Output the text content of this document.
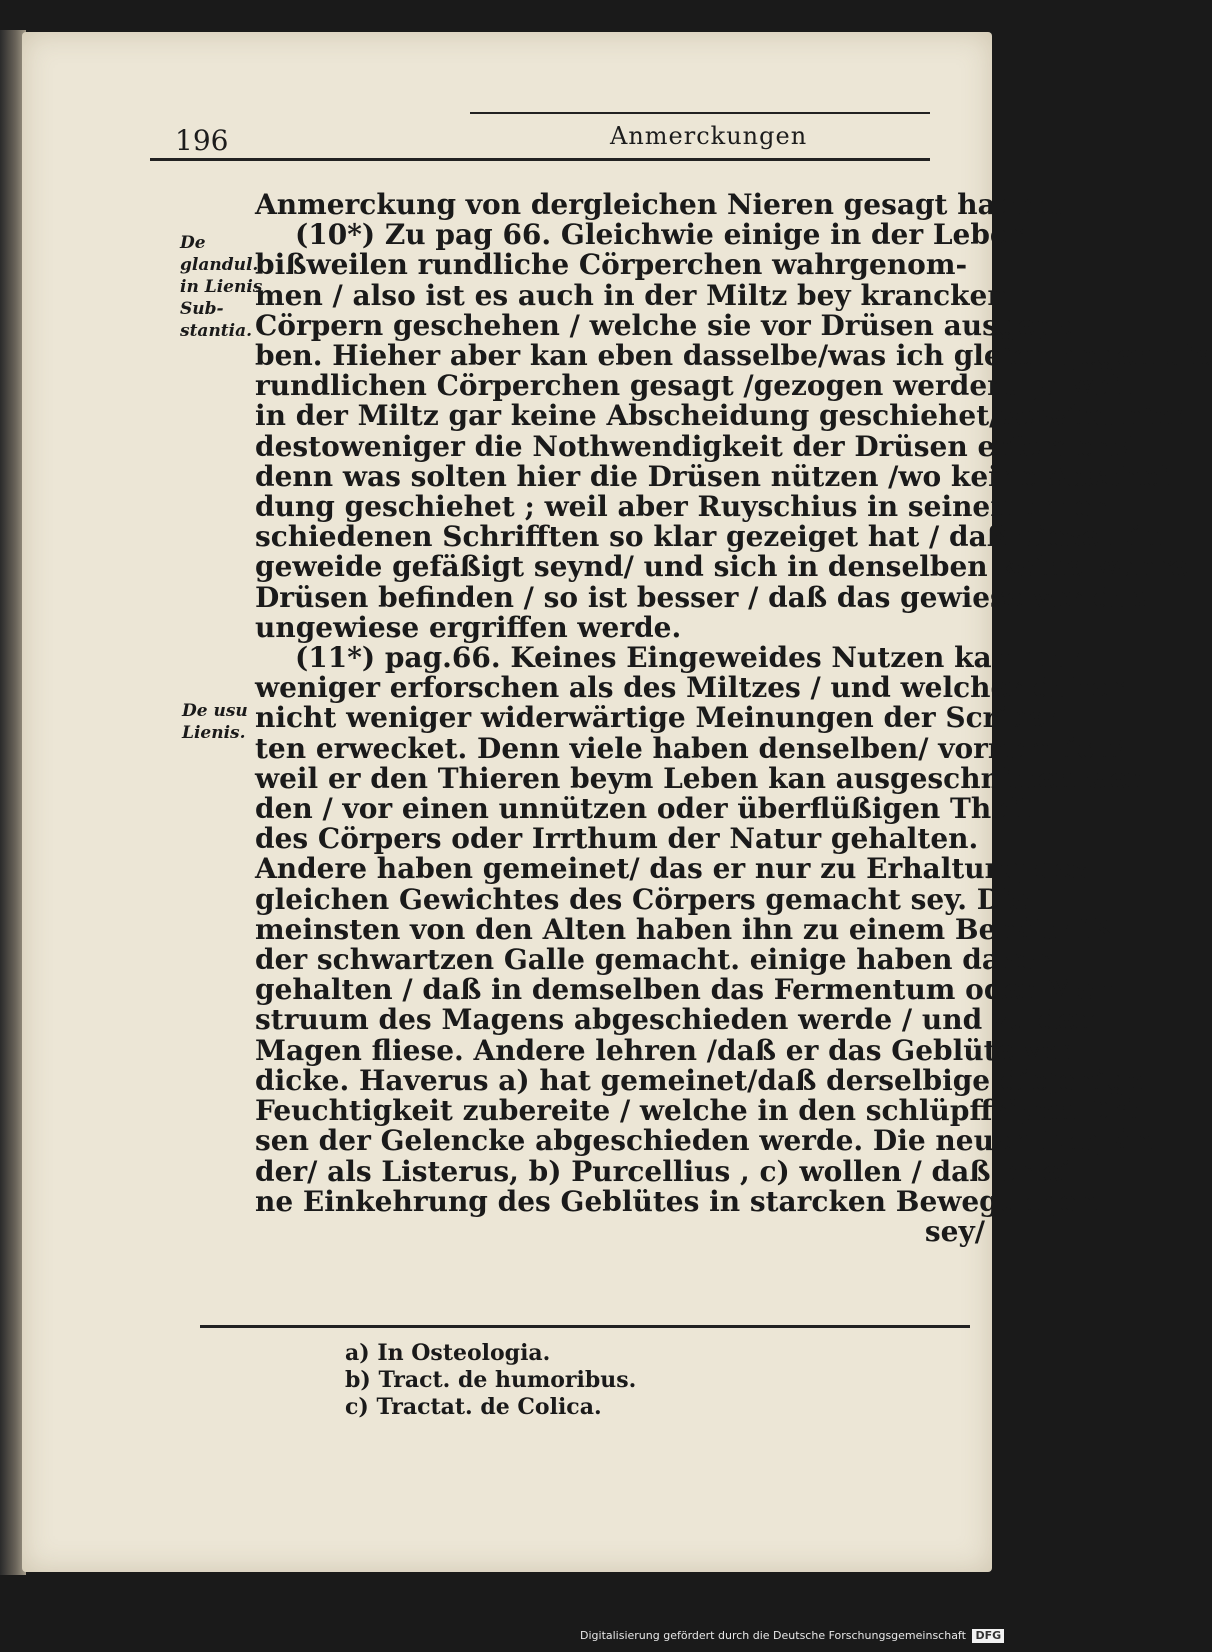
196	Anmerckungen
De
glandul.
in Lienis
Sub-
stantia.
De usu
Lienis.
Anmerckung von dergleichen Nieren gesagt haben.
(10*) Zu pag 66. Gleichwie einige in der Leber
bißweilen rundliche Cörperchen wahrgenom-
men / also ist es auch in der Miltz bey krancken
Cörpern geschehen / welche sie vor Drüsen ausgege-
ben. Hieher aber kan eben dasselbe/was ich gleich gegen die
rundlichen Cörperchen gesagt /gezogen werden. Ja weil
in der Miltz gar keine Abscheidung geschiehet/so wird hier
destoweniger die Nothwendigkeit der Drüsen erfordert/
denn was solten hier die Drüsen nützen /wo keine Abschei-
dung geschiehet ; weil aber Ruyschius in seinen unter-
schiedenen Schrifften so klar gezeiget hat / daß diese Ein-
geweide gefäßigt seynd/ und sich in denselben keine wahre
Drüsen befinden / so ist besser / daß das gewiese vor das
ungewiese ergriffen werde.
(11*) pag.66. Keines Eingeweides Nutzen kan man
weniger erforschen als des Miltzes / und welcher daher
nicht weniger widerwärtige Meinungen der Scriben-
ten erwecket. Denn viele haben denselben/ vornemlich/
weil er den Thieren beym Leben kan ausgeschnitten wer-
den / vor einen unnützen oder überflüßigen Theil
des Cörpers oder Irrthum der Natur gehalten.
Andere haben gemeinet/ das er nur zu Erhaltung des
gleichen Gewichtes des Cörpers gemacht sey. Die
meinsten von den Alten haben ihn zu einem Behältniß
der schwartzen Galle gemacht. einige haben davor
gehalten / daß in demselben das Fermentum oder Men-
struum des Magens abgeschieden werde / und zu dem
Magen fliese. Andere lehren /daß er das Geblüte ver-
dicke. Haverus a) hat gemeinet/daß derselbige diejenige
Feuchtigkeit zubereite / welche in den schlüpffrigen Drü-
sen der Gelencke abgeschieden werde. Die neuen Englän-
der/ als Listerus, b) Purcellius , c) wollen / daß er ei-
ne Einkehrung des Geblütes in starcken Bewegungen
sey/
a) In Osteologia.
b) Tract. de humoribus.
c) Tractat. de Colica.
Digitalisierung gefördert durch die Deutsche Forschungsgemeinschaft DFG
